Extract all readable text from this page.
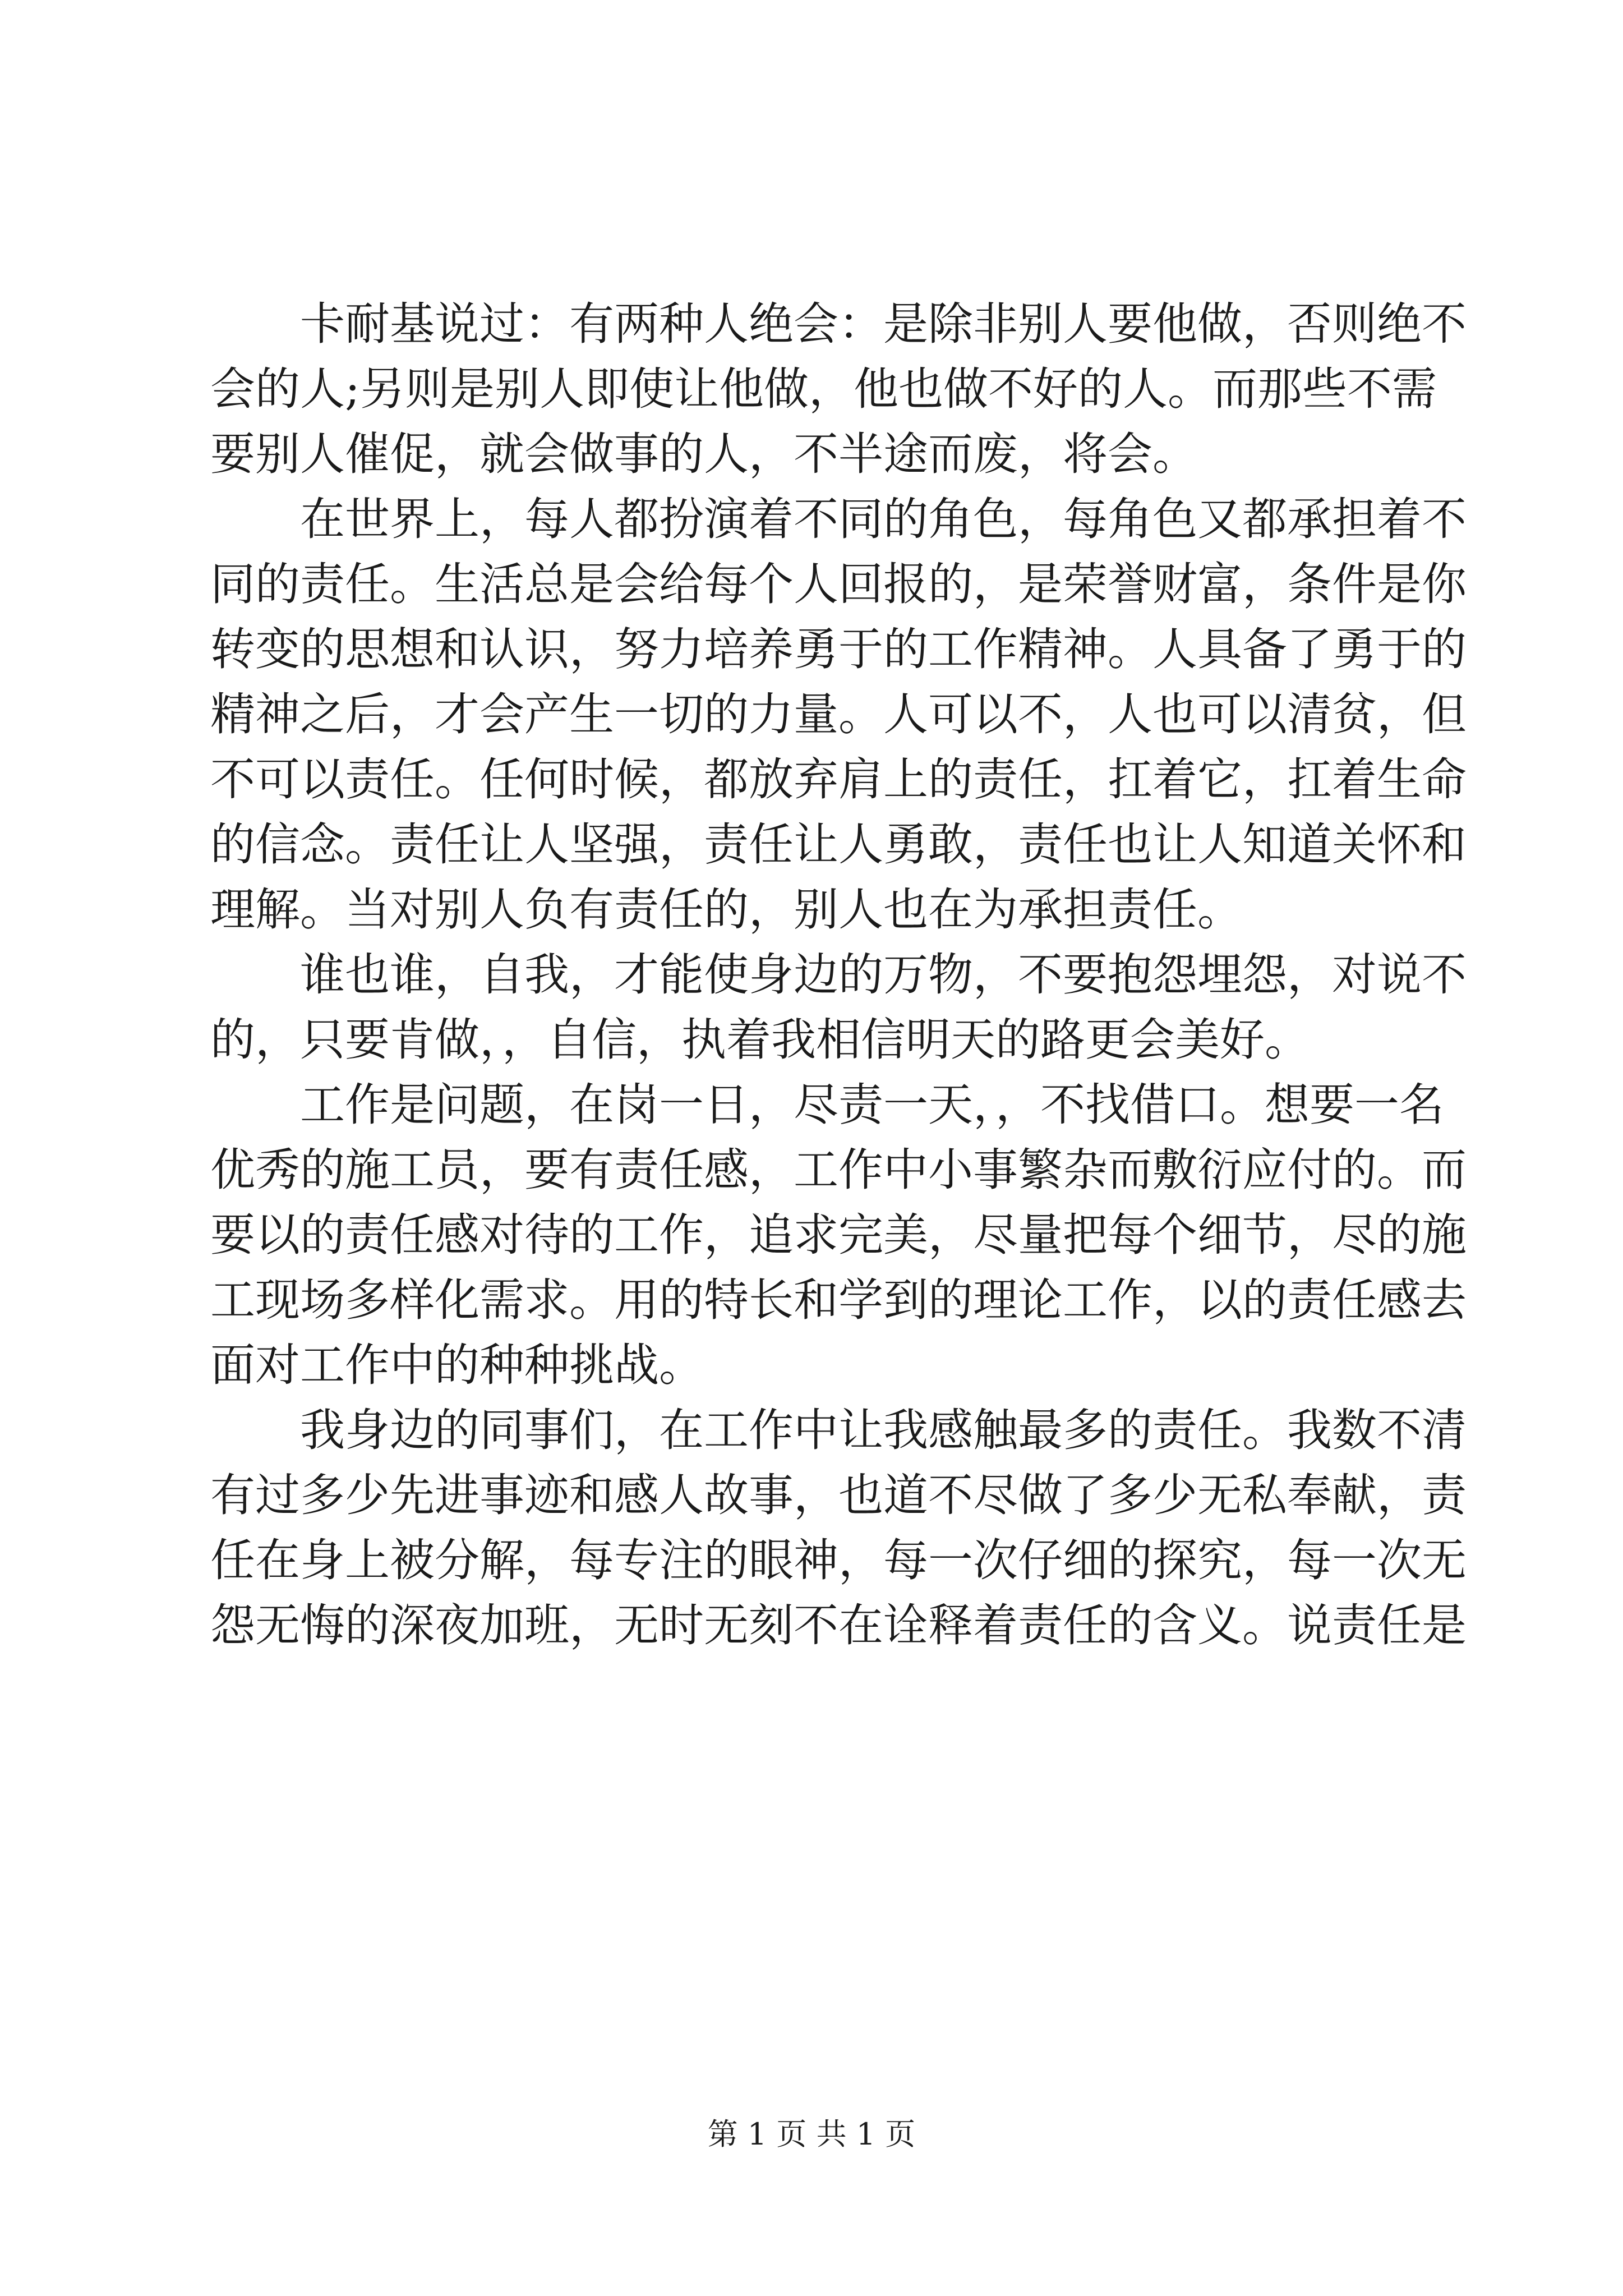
卡耐基说过：有两种人绝会：是除非别人要他做，否则绝不
会的人;另则是别人即使让他做，他也做不好的人。而那些不需
要别人催促，就会做事的人，不半途而废，将会。
在世界上，每人都扮演着不同的角色，每角色又都承担着不
同的责任。生活总是会给每个人回报的，是荣誉财富，条件是你
转变的思想和认识，努力培养勇于的工作精神。人具备了勇于的
精神之后，才会产生一切的力量。人可以不，人也可以清贫，但
不可以责任。任何时候，都放弃肩上的责任，扛着它，扛着生命
的信念。责任让人坚强，责任让人勇敢，责任也让人知道关怀和
理解。当对别人负有责任的，别人也在为承担责任。
谁也谁，自我，才能使身边的万物，不要抱怨埋怨，对说不
的，只要肯做，，自信，执着我相信明天的路更会美好。
工作是问题，在岗一日，尽责一天，，不找借口。想要一名
优秀的施工员，要有责任感，工作中小事繁杂而敷衍应付的。而
要以的责任感对待的工作，追求完美，尽量把每个细节，尽的施
工现场多样化需求。用的特长和学到的理论工作，以的责任感去
面对工作中的种种挑战。
我身边的同事们，在工作中让我感触最多的责任。我数不清
有过多少先进事迹和感人故事，也道不尽做了多少无私奉献，责
任在身上被分解，每专注的眼神，每一次仔细的探究，每一次无
怨无悔的深夜加班，无时无刻不在诠释着责任的含义。说责任是
第 1 页 共 1 页
